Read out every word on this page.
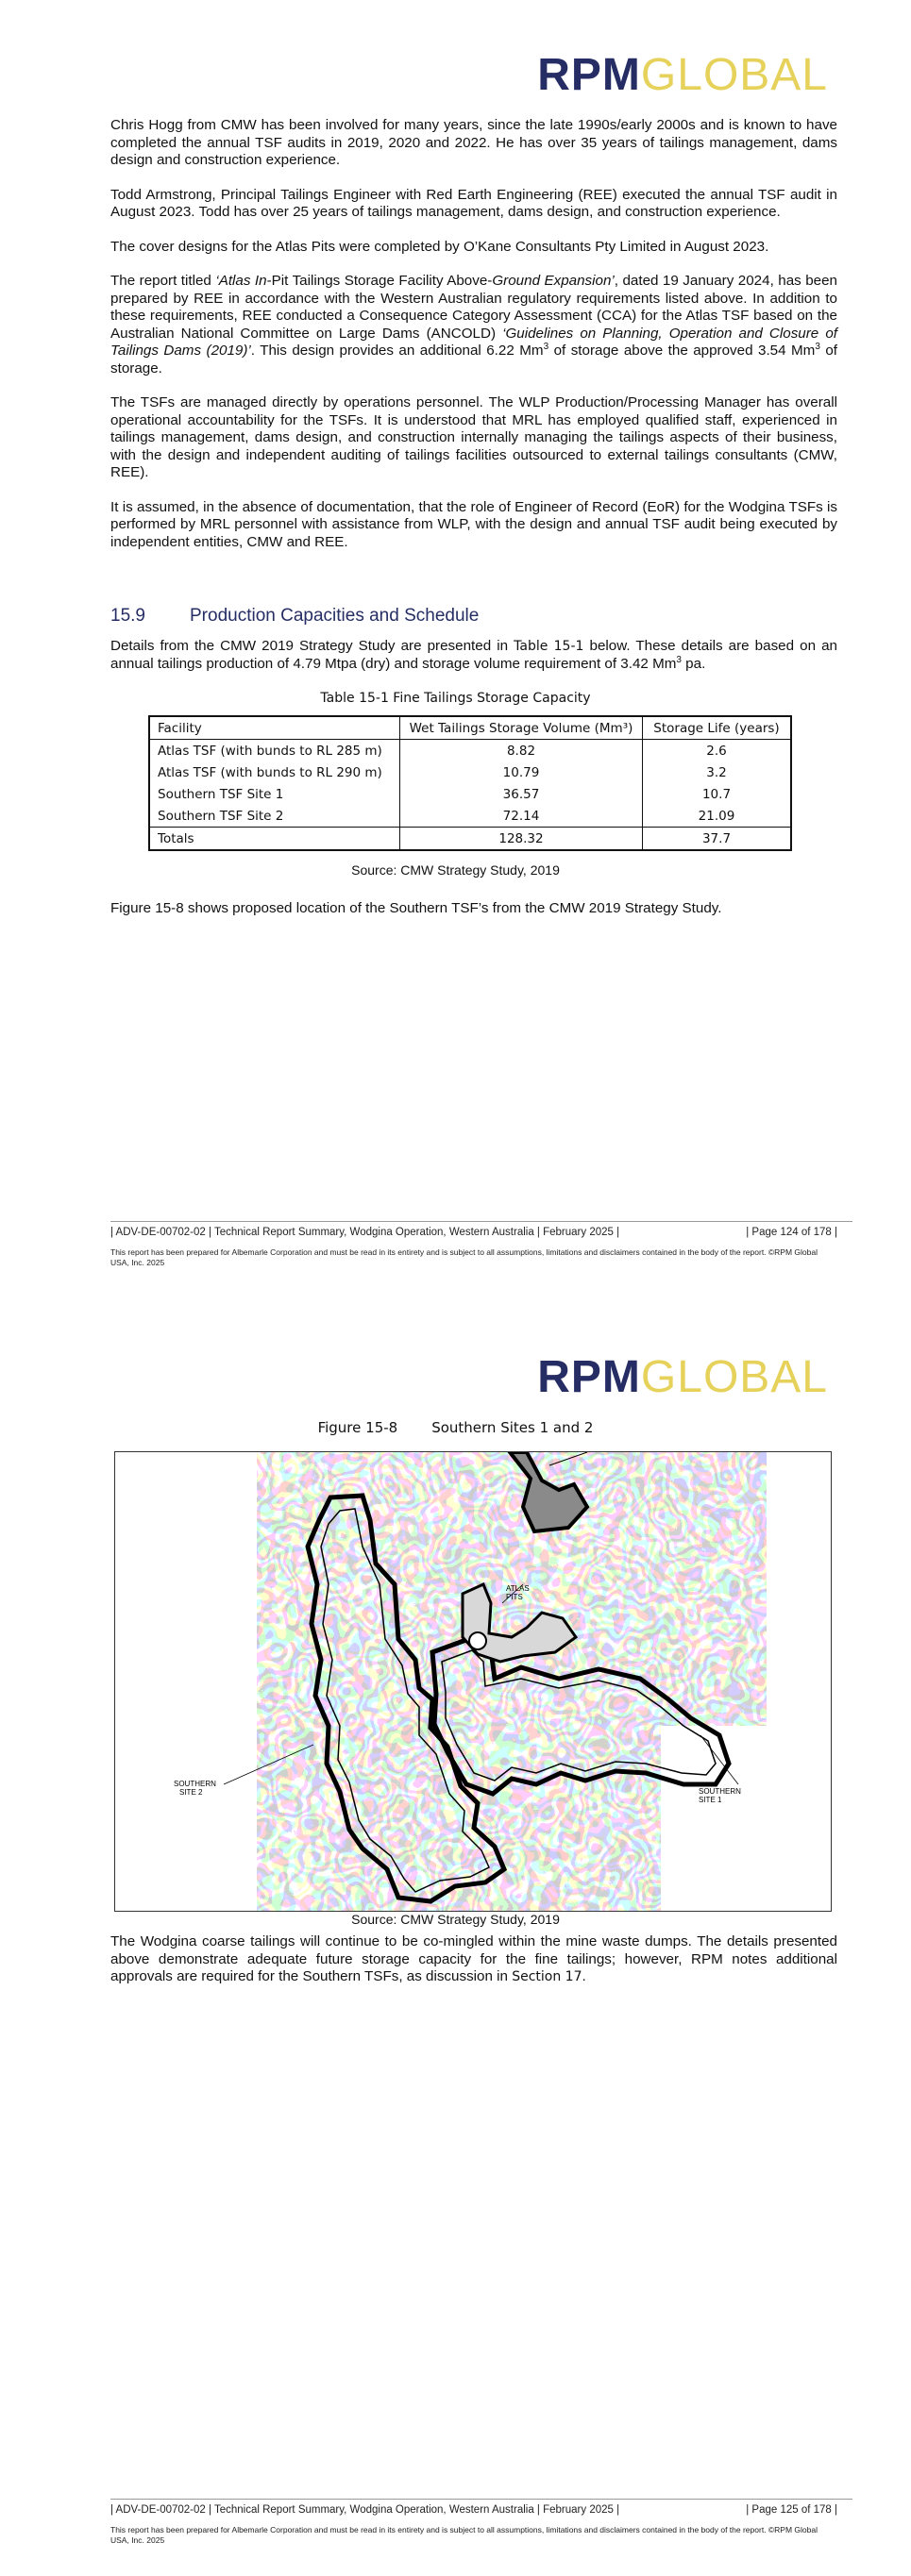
RPMGLOBAL

Chris Hogg from CMW has been involved for many years, since the late 1990s/early 2000s and is known to have completed the annual TSF audits in 2019, 2020 and 2022. He has over 35 years of tailings management, dams design and construction experience.

Todd Armstrong, Principal Tailings Engineer with Red Earth Engineering (REE) executed the annual TSF audit in August 2023. Todd has over 25 years of tailings management, dams design, and construction experience.

The cover designs for the Atlas Pits were completed by O’Kane Consultants Pty Limited in August 2023.

The report titled ‘Atlas In-Pit Tailings Storage Facility Above-Ground Expansion’, dated 19 January 2024, has been prepared by REE in accordance with the Western Australian regulatory requirements listed above. In addition to these requirements, REE conducted a Consequence Category Assessment (CCA) for the Atlas TSF based on the Australian National Committee on Large Dams (ANCOLD) ‘Guidelines on Planning, Operation and Closure of Tailings Dams (2019)’. This design provides an additional 6.22 Mm$^3$ of storage above the approved 3.54 Mm$^3$ of storage.

The TSFs are managed directly by operations personnel. The WLP Production/Processing Manager has overall operational accountability for the TSFs. It is understood that MRL has employed qualified staff, experienced in tailings management, dams design, and construction internally managing the tailings aspects of their business, with the design and independent auditing of tailings facilities outsourced to external tailings consultants (CMW, REE).

It is assumed, in the absence of documentation, that the role of Engineer of Record (EoR) for the Wodgina TSFs is performed by MRL personnel with assistance from WLP, with the design and annual TSF audit being executed by independent entities, CMW and REE.

15.9 Production Capacities and Schedule

Details from the CMW 2019 Strategy Study are presented in Table 15-1 below. These details are based on an annual tailings production of 4.79 Mtpa (dry) and storage volume requirement of 3.42 Mm$^3$ pa.

Table 15-1 Fine Tailings Storage Capacity
Facility	Wet Tailings Storage Volume (Mm³)	Storage Life (years)
Atlas TSF (with bunds to RL 285 m)	8.82	2.6
Atlas TSF (with bunds to RL 290 m)	10.79	3.2
Southern TSF Site 1	36.57	10.7
Southern TSF Site 2	72.14	21.09
Totals	128.32	37.7
Source: CMW Strategy Study, 2019

Figure 15-8 shows proposed location of the Southern TSF’s from the CMW 2019 Strategy Study.

| ADV-DE-00702-02 | Technical Report Summary, Wodgina Operation, Western Australia | February 2025 |	| Page 124 of 178 |
This report has been prepared for Albemarle Corporation and must be read in its entirety and is subject to all assumptions, limitations and disclaimers contained in the body of the report. ©RPM Global USA, Inc. 2025
RPMGLOBAL
Figure 15-8 Southern Sites 1 and 2
ATLAS PITS
SOUTHERN SITE 2	SOUTHERN SITE 1
Source: CMW Strategy Study, 2019

The Wodgina coarse tailings will continue to be co-mingled within the mine waste dumps. The details presented above demonstrate adequate future storage capacity for the fine tailings; however, RPM notes additional approvals are required for the Southern TSFs, as discussion in Section 17.

| ADV-DE-00702-02 | Technical Report Summary, Wodgina Operation, Western Australia | February 2025 |	| Page 125 of 178 |
This report has been prepared for Albemarle Corporation and must be read in its entirety and is subject to all assumptions, limitations and disclaimers contained in the body of the report. ©RPM Global USA, Inc. 2025
